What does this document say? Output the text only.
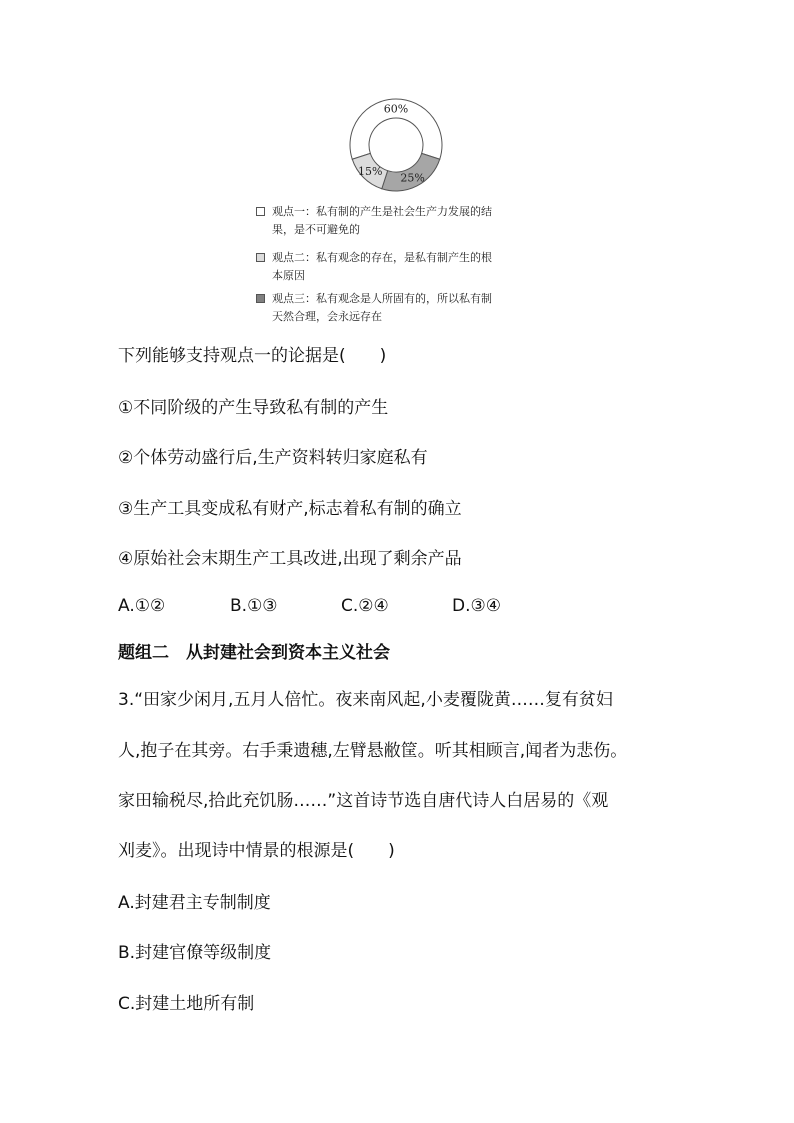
60%
25%
15%
观点一：私有制的产生是社会生产力发展的结
果，是不可避免的
观点二：私有观念的存在，是私有制产生的根
本原因
观点三：私有观念是人所固有的，所以私有制
天然合理，会永远存在
下列能够支持观点一的论据是(　　)
①不同阶级的产生导致私有制的产生
②个体劳动盛行后,生产资料转归家庭私有
③生产工具变成私有财产,标志着私有制的确立
④原始社会末期生产工具改进,出现了剩余产品
A.①②	B.①③	C.②④	D.③④
题组二　从封建社会到资本主义社会
3.“田家少闲月,五月人倍忙。夜来南风起,小麦覆陇黄……复有贫妇
人,抱子在其旁。右手秉遗穗,左臂悬敝筐。听其相顾言,闻者为悲伤。
家田输税尽,拾此充饥肠……”这首诗节选自唐代诗人白居易的《观
刈麦》。出现诗中情景的根源是(　　)
A.封建君主专制制度
B.封建官僚等级制度
C.封建土地所有制
